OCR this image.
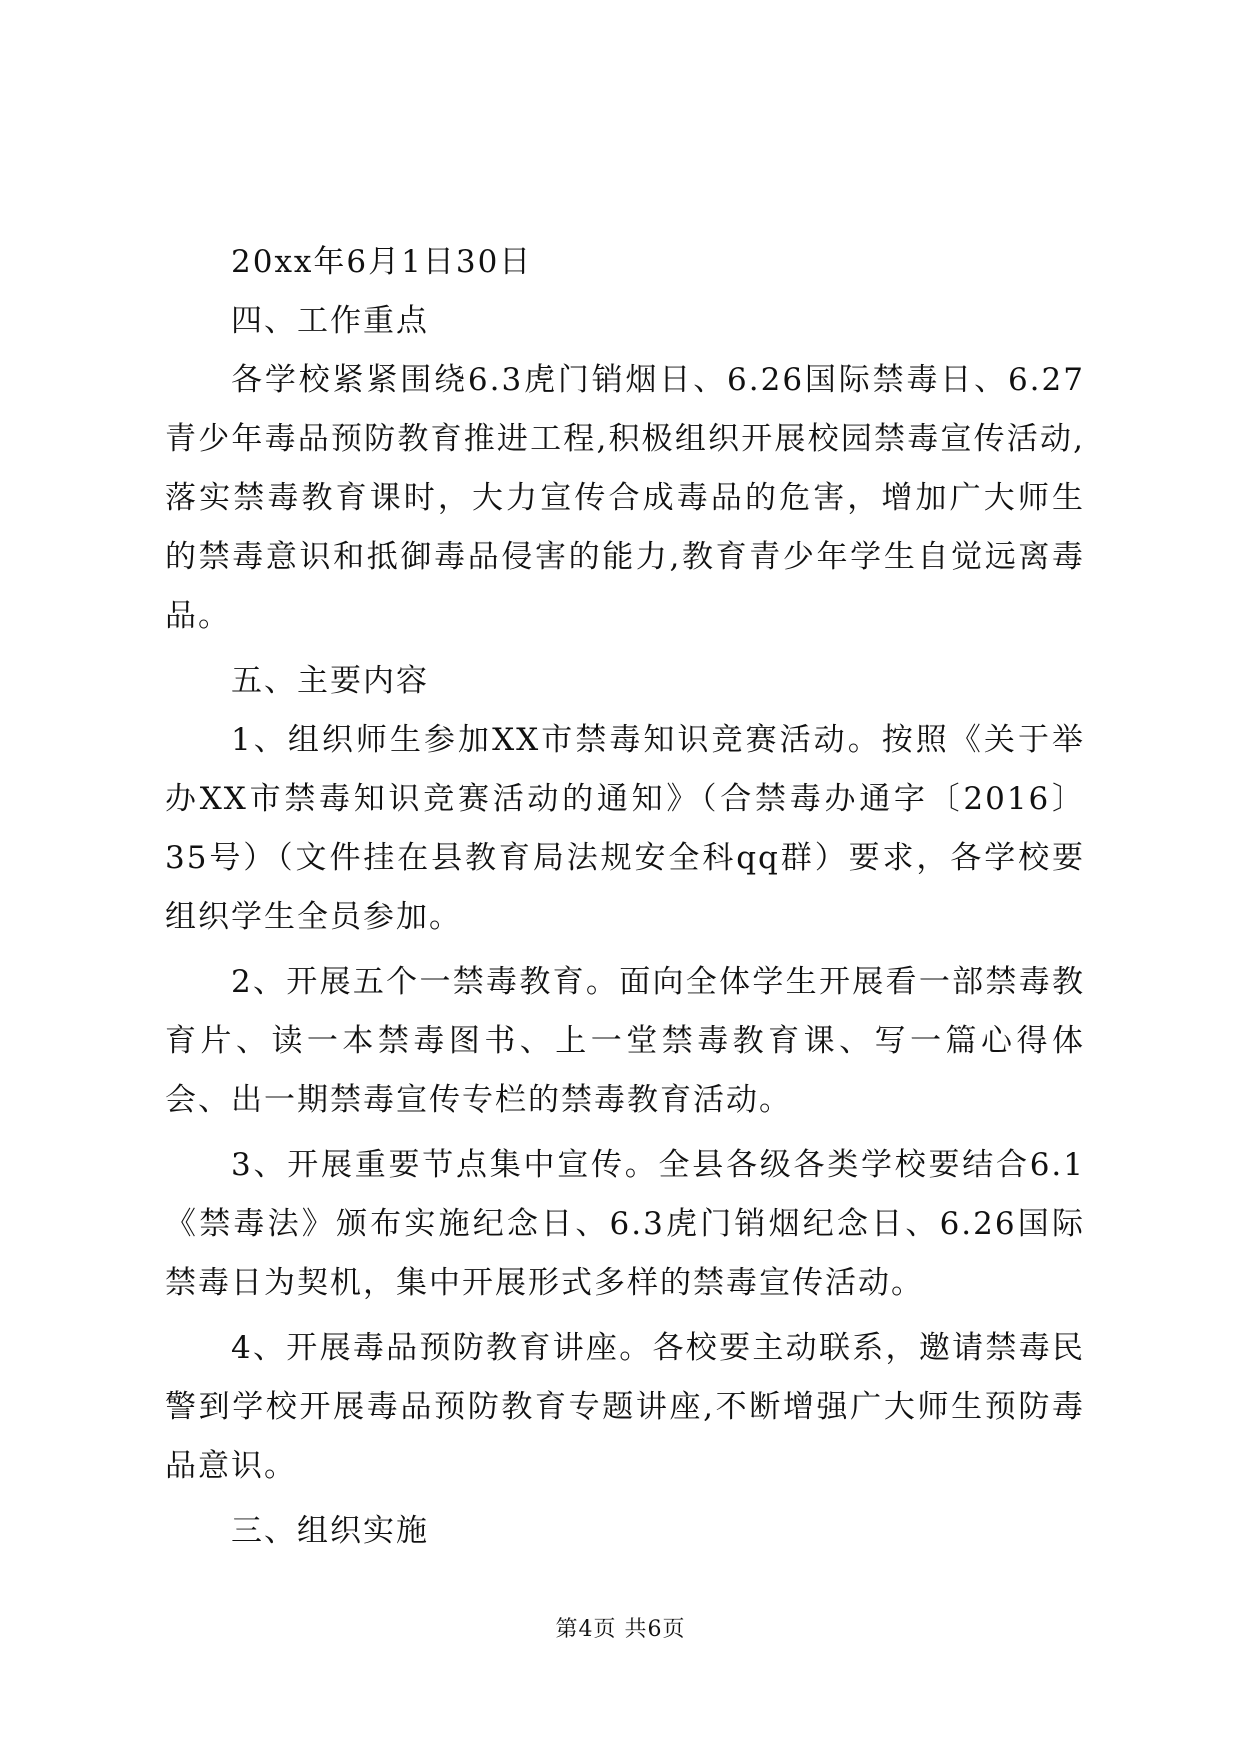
20xx年6月1日30日

四、工作重点

各学校紧紧围绕6.3虎门销烟日、6.26国际禁毒日、6.27青少年毒品预防教育推进工程,积极组织开展校园禁毒宣传活动,落实禁毒教育课时，大力宣传合成毒品的危害，增加广大师生的禁毒意识和抵御毒品侵害的能力,教育青少年学生自觉远离毒品。

五、主要内容

1、组织师生参加XX市禁毒知识竞赛活动。按照《关于举办XX市禁毒知识竞赛活动的通知》（合禁毒办通字〔2016〕35号）（文件挂在县教育局法规安全科qq群）要求，各学校要组织学生全员参加。

2、开展五个一禁毒教育。面向全体学生开展看一部禁毒教育片、读一本禁毒图书、上一堂禁毒教育课、写一篇心得体会、出一期禁毒宣传专栏的禁毒教育活动。

3、开展重要节点集中宣传。全县各级各类学校要结合6.1《禁毒法》颁布实施纪念日、6.3虎门销烟纪念日、6.26国际禁毒日为契机，集中开展形式多样的禁毒宣传活动。

4、开展毒品预防教育讲座。各校要主动联系，邀请禁毒民警到学校开展毒品预防教育专题讲座,不断增强广大师生预防毒品意识。

三、组织实施

第4页 共6页
